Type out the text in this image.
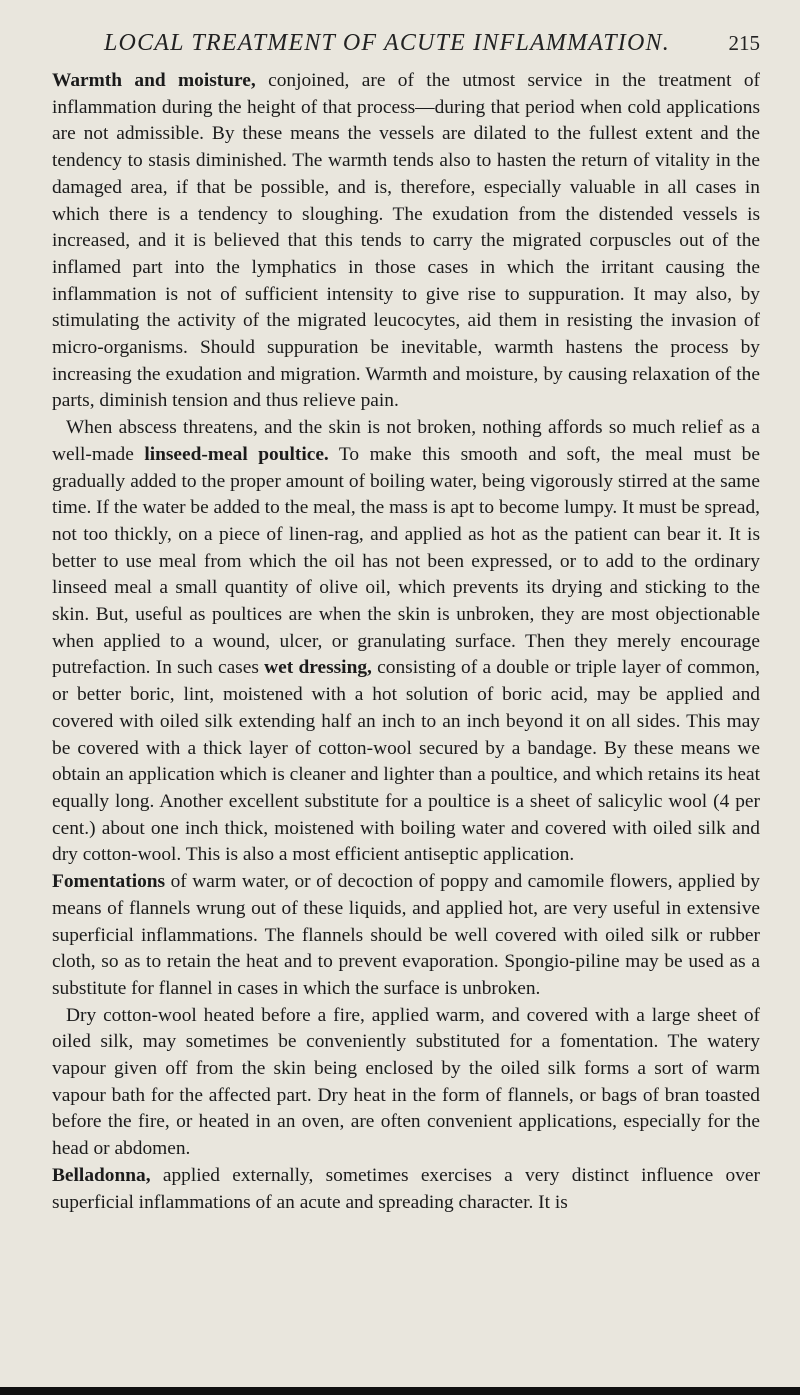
LOCAL TREATMENT OF ACUTE INFLAMMATION.	215

Warmth and moisture, conjoined, are of the utmost service in the treatment of inflammation during the height of that process—during that period when cold applications are not admissible. By these means the vessels are dilated to the fullest extent and the tendency to stasis diminished. The warmth tends also to hasten the return of vitality in the damaged area, if that be possible, and is, therefore, especially valuable in all cases in which there is a tendency to sloughing. The exudation from the distended vessels is increased, and it is believed that this tends to carry the migrated corpuscles out of the inflamed part into the lymphatics in those cases in which the irritant causing the inflammation is not of sufficient intensity to give rise to suppuration. It may also, by stimulating the activity of the migrated leucocytes, aid them in resisting the invasion of micro-organisms. Should suppuration be inevitable, warmth hastens the process by increasing the exudation and migration. Warmth and moisture, by causing relaxation of the parts, diminish tension and thus relieve pain.

When abscess threatens, and the skin is not broken, nothing affords so much relief as a well-made linseed-meal poultice. To make this smooth and soft, the meal must be gradually added to the proper amount of boiling water, being vigorously stirred at the same time. If the water be added to the meal, the mass is apt to become lumpy. It must be spread, not too thickly, on a piece of linen-rag, and applied as hot as the patient can bear it. It is better to use meal from which the oil has not been expressed, or to add to the ordinary linseed meal a small quantity of olive oil, which prevents its drying and sticking to the skin. But, useful as poultices are when the skin is unbroken, they are most objectionable when applied to a wound, ulcer, or granulating surface. Then they merely encourage putrefaction. In such cases wet dressing, consisting of a double or triple layer of common, or better boric, lint, moistened with a hot solution of boric acid, may be applied and covered with oiled silk extending half an inch to an inch beyond it on all sides. This may be covered with a thick layer of cotton-wool secured by a bandage. By these means we obtain an application which is cleaner and lighter than a poultice, and which retains its heat equally long. Another excellent substitute for a poultice is a sheet of salicylic wool (4 per cent.) about one inch thick, moistened with boiling water and covered with oiled silk and dry cotton-wool. This is also a most efficient antiseptic application.

Fomentations of warm water, or of decoction of poppy and camomile flowers, applied by means of flannels wrung out of these liquids, and applied hot, are very useful in extensive superficial inflammations. The flannels should be well covered with oiled silk or rubber cloth, so as to retain the heat and to prevent evaporation. Spongio-piline may be used as a substitute for flannel in cases in which the surface is unbroken.

Dry cotton-wool heated before a fire, applied warm, and covered with a large sheet of oiled silk, may sometimes be conveniently substituted for a fomentation. The watery vapour given off from the skin being enclosed by the oiled silk forms a sort of warm vapour bath for the affected part. Dry heat in the form of flannels, or bags of bran toasted before the fire, or heated in an oven, are often convenient applications, especially for the head or abdomen.

Belladonna, applied externally, sometimes exercises a very distinct influence over superficial inflammations of an acute and spreading character. It is
